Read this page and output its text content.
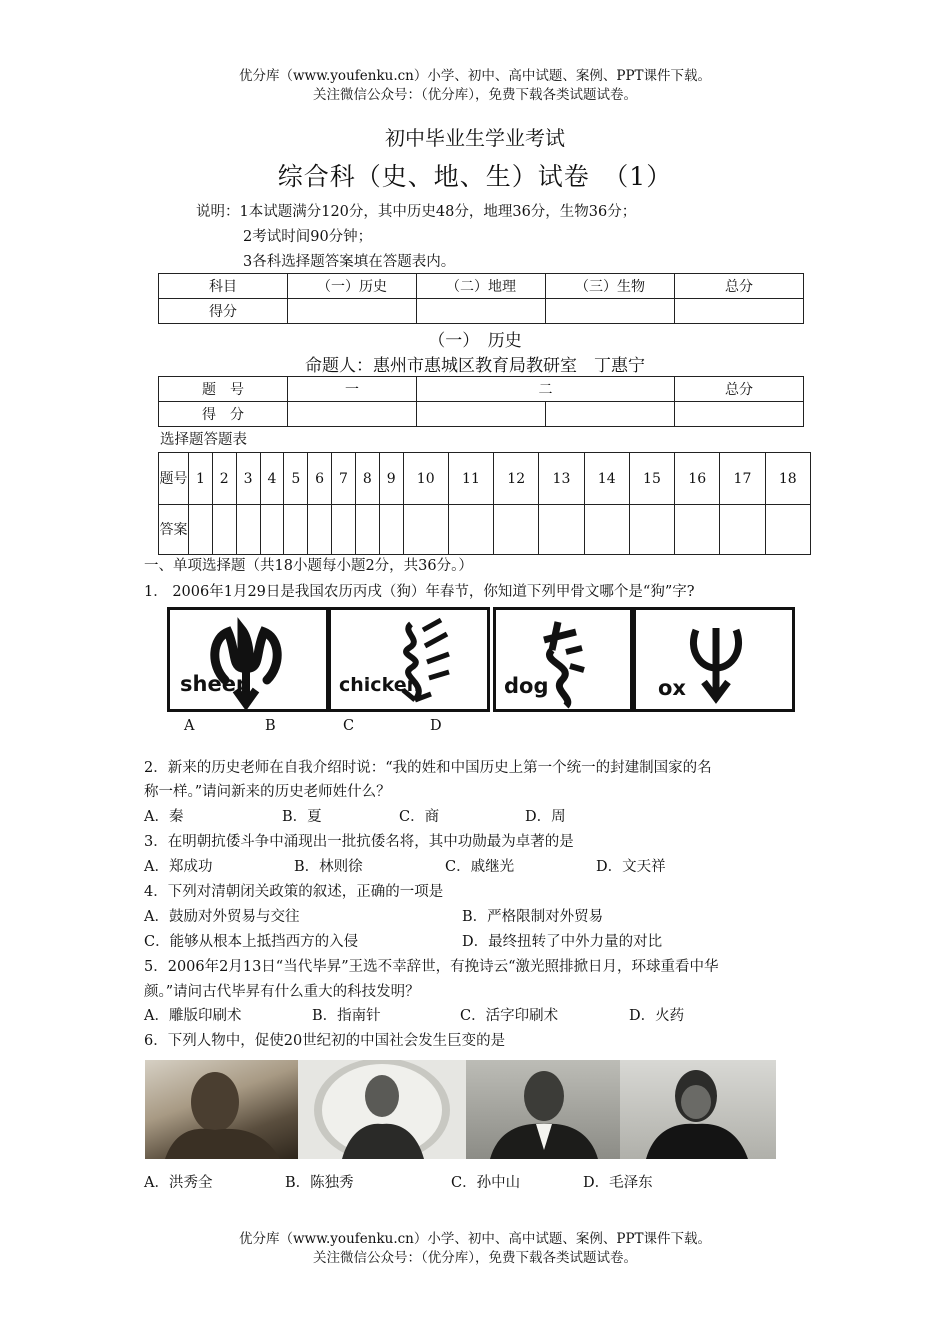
优分库（www.youfenku.cn）小学、初中、高中试题、案例、PPT课件下载。
关注微信公众号：（优分库），免费下载各类试题试卷。
初中毕业生学业考试
综合科（史、地、生）试卷　（1）
说明：1本试题满分120分，其中历史48分，地理36分，生物36分；
2考试时间90分钟；
3各科选择题答案填在答题表内。
科目	（一）历史	（二）地理	（三）生物	总分
得分				
（一）　历史
命题人：惠州市惠城区教育局教研室　丁惠宁
题　号	一	二		总分
得　分				
选择题答题表
题号	1	2	3	4	5	6	7	8	9	10	11	12	13	14	15	16	17	18
答案																		
一、单项选择题（共18小题每小题2分，共36分。）
1． 2006年1月29日是我国农历丙戌（狗）年春节，你知道下列甲骨文哪个是“狗”字?
sheep	chicken	dog	ox
A	B	C	D
2．新来的历史老师在自我介绍时说：“我的姓和中国历史上第一个统一的封建制国家的名
称一样。”请问新来的历史老师姓什么？
A．秦	B．夏	C．商	D．周
3．在明朝抗倭斗争中涌现出一批抗倭名将，其中功勋最为卓著的是
A．郑成功	B．林则徐	C．戚继光	D．文天祥
4．下列对清朝闭关政策的叙述，正确的一项是
A．鼓励对外贸易与交往	B．严格限制对外贸易
C．能够从根本上抵挡西方的入侵	D．最终扭转了中外力量的对比
5．2006年2月13日“当代毕昇”王选不幸辞世，有挽诗云“激光照排掀日月，环球重看中华
颜。”请问古代毕昇有什么重大的科技发明？
A．雕版印刷术	B．指南针	C．活字印刷术	D．火药
6．下列人物中，促使20世纪初的中国社会发生巨变的是
A．洪秀全	B．陈独秀	C．孙中山	D．毛泽东
优分库（www.youfenku.cn）小学、初中、高中试题、案例、PPT课件下载。
关注微信公众号：（优分库），免费下载各类试题试卷。
